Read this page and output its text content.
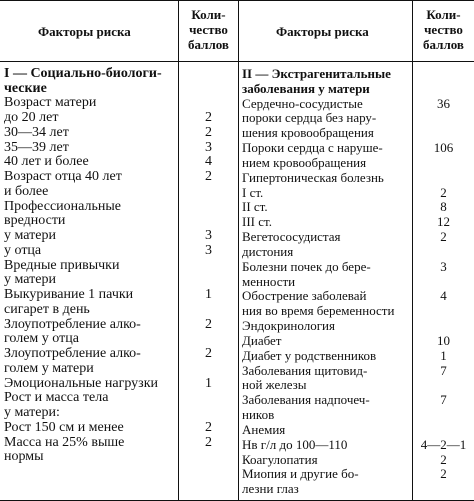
Факторы риска
Коли-
чество
баллов
Факторы риска
Коли-
чество
баллов
I — Социально-биологи-
ческие
Возраст матери
до 20 лет	2
30—34 лет	2
35—39 лет	3
40 лет и более	4
Возраст отца 40 лет	2
и более
Профессиональные
вредности
у матери	3
у отца	3
Вредные привычки
у матери
Выкуривание 1 пачки	1
сигарет в день
Злоупотребление алко-	2
голем у отца
Злоупотребление алко-	2
голем у матери
Эмоциональные нагрузки	1
Рост и масса тела
у матери:
Рост 150 см и менее	2
Масса на 25% выше	2
нормы
II — Экстрагенитальные
заболевания у матери
Сердечно-сосудистые	36
пороки сердца без нару-
шения кровообращения
Пороки сердца с наруше-	106
нием кровообращения
Гипертоническая болезнь
I ст.	2
II ст.	8
III ст.	12
Вегетососудистая	2
дистония
Болезни почек до бере-	3
менности
Обострение заболевай	4
ния во время беременности
Эндокринология
Диабет	10
Диабет у родственников	1
Заболевания щитовид-	7
ной железы
Заболевания надпочеч-	7
ников
Анемия
Нв г/л до 100—110	4—2—1
Коагулопатия	2
Миопия и другие бо-	2
лезни глаз
